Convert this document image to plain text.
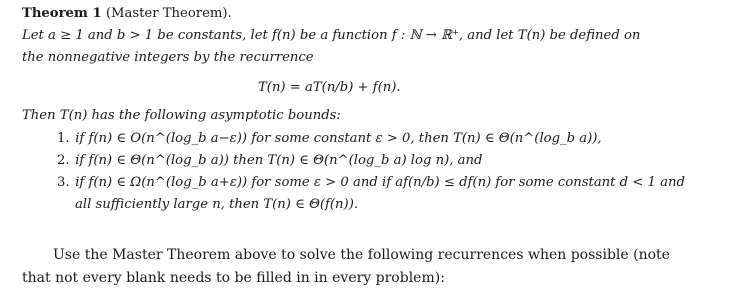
Theorem 1 (Master Theorem).
Let a ≥ 1 and b > 1 be constants, let f(n) be a function f : ℕ → ℝ⁺, and let T(n) be defined on
the nonnegative integers by the recurrence
T(n) = aT(n/b) + f(n).
Then T(n) has the following asymptotic bounds:
1. if f(n) ∈ O(n^(log_b a−ε)) for some constant ε > 0, then T(n) ∈ Θ(n^(log_b a)),
2. if f(n) ∈ Θ(n^(log_b a)) then T(n) ∈ Θ(n^(log_b a) log n), and
3. if f(n) ∈ Ω(n^(log_b a+ε)) for some ε > 0 and if af(n/b) ≤ df(n) for some constant d < 1 and
all sufficiently large n, then T(n) ∈ Θ(f(n)).
Use the Master Theorem above to solve the following recurrences when possible (note
that not every blank needs to be filled in in every problem):
